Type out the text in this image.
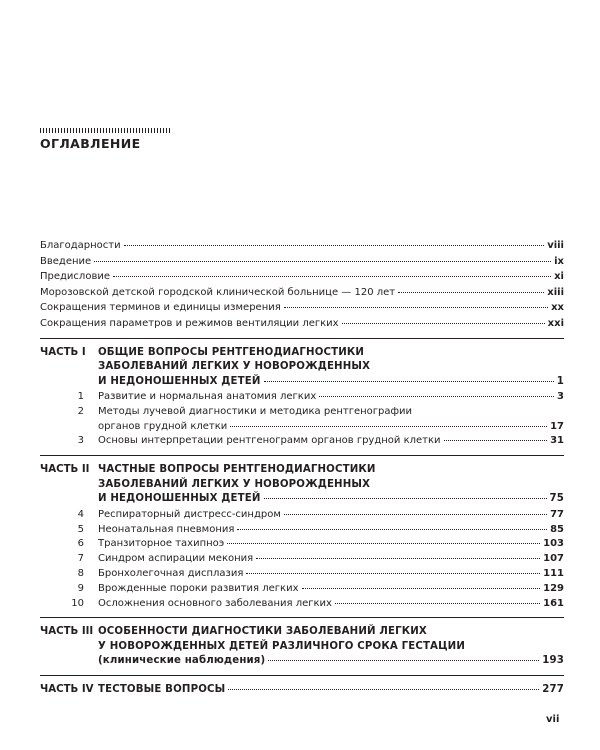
ОГЛАВЛЕНИЕ
Благодарности	viii
Введение	ix
Предисловие	xi
Морозовской детской городской клинической больнице — 120 лет	xiii
Сокращения терминов и единицы измерения	xx
Сокращения параметров и режимов вентиляции легких	xxi
ЧАСТЬ I ОБЩИЕ ВОПРОСЫ РЕНТГЕНОДИАГНОСТИКИ
ЗАБОЛЕВАНИЙ ЛЕГКИХ У НОВОРОЖДЕННЫХ
И НЕДОНОШЕННЫХ ДЕТЕЙ	1
1 Развитие и нормальная анатомия легких	3
2 Методы лучевой диагностики и методика рентгенографии
органов грудной клетки	17
3 Основы интерпретации рентгенограмм органов грудной клетки	31
ЧАСТЬ II ЧАСТНЫЕ ВОПРОСЫ РЕНТГЕНОДИАГНОСТИКИ
ЗАБОЛЕВАНИЙ ЛЕГКИХ У НОВОРОЖДЕННЫХ
И НЕДОНОШЕННЫХ ДЕТЕЙ	75
4 Респираторный дистресс-синдром	77
5 Неонатальная пневмония	85
6 Транзиторное тахипноэ	103
7 Синдром аспирации мекония	107
8 Бронхолегочная дисплазия	111
9 Врожденные пороки развития легких	129
10 Осложнения основного заболевания легких	161
ЧАСТЬ III ОСОБЕННОСТИ ДИАГНОСТИКИ ЗАБОЛЕВАНИЙ ЛЕГКИХ
У НОВОРОЖДЕННЫХ ДЕТЕЙ РАЗЛИЧНОГО СРОКА ГЕСТАЦИИ
(клинические наблюдения)	193
ЧАСТЬ IV ТЕСТОВЫЕ ВОПРОСЫ	277
vii
